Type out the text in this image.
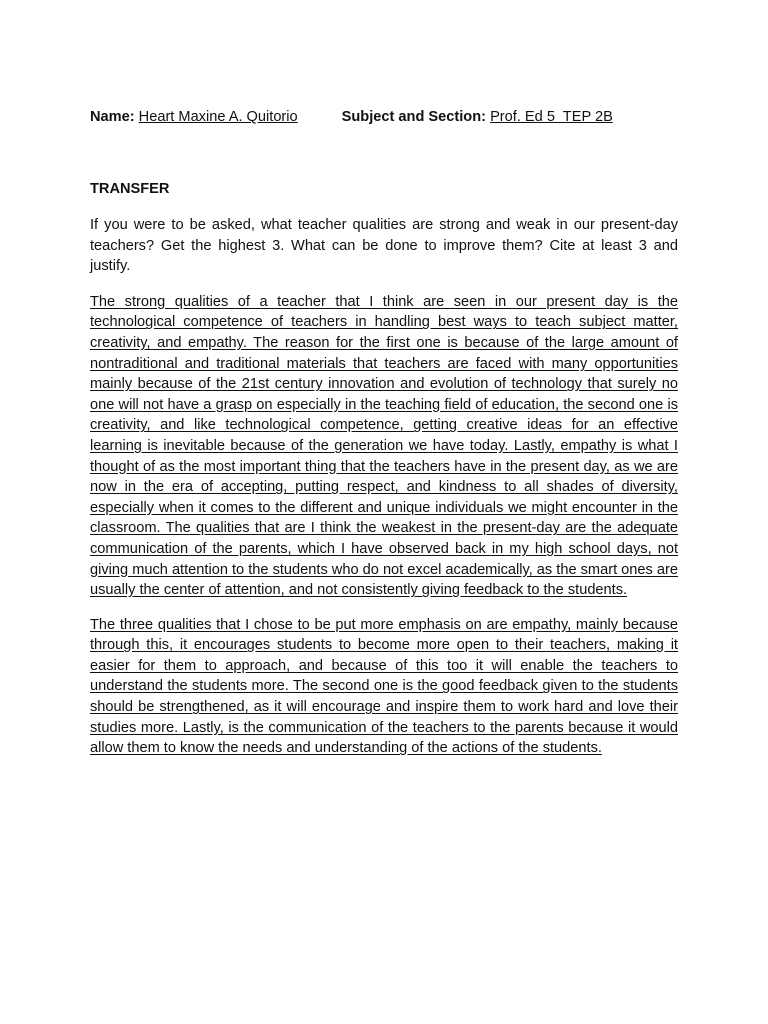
Name: Heart Maxine A. Quitorio	Subject and Section: Prof. Ed 5  TEP 2B
TRANSFER
If you were to be asked, what teacher qualities are strong and weak in our present-day teachers? Get the highest 3. What can be done to improve them? Cite at least 3 and justify.

The strong qualities of a teacher that I think are seen in our present day is the technological competence of teachers in handling best ways to teach subject matter, creativity, and empathy. The reason for the first one is because of the large amount of nontraditional and traditional materials that teachers are faced with many opportunities mainly because of the 21st century innovation and evolution of technology that surely no one will not have a grasp on especially in the teaching field of education, the second one is creativity, and like technological competence, getting creative ideas for an effective learning is inevitable because of the generation we have today. Lastly, empathy is what I thought of as the most important thing that the teachers have in the present day, as we are now in the era of accepting, putting respect, and kindness to all shades of diversity, especially when it comes to the different and unique individuals we might encounter in the classroom. The qualities that are I think the weakest in the present-day are the adequate communication of the parents, which I have observed back in my high school days, not giving much attention to the students who do not excel academically, as the smart ones are usually the center of attention, and not consistently giving feedback to the students.

The three qualities that I chose to be put more emphasis on are empathy, mainly because through this, it encourages students to become more open to their teachers, making it easier for them to approach, and because of this too it will enable the teachers to understand the students more. The second one is the good feedback given to the students should be strengthened, as it will encourage and inspire them to work hard and love their studies more. Lastly, is the communication of the teachers to the parents because it would allow them to know the needs and understanding of the actions of the students.
